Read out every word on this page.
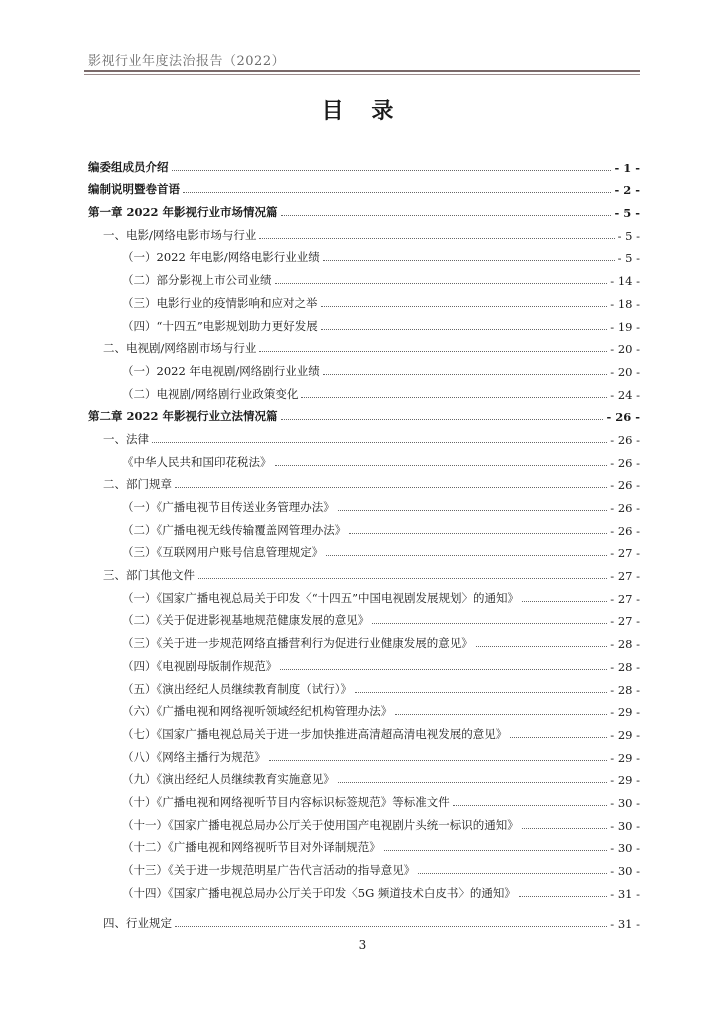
影视行业年度法治报告（2022）
目 录
编委组成员介绍	- 1 -
编制说明暨卷首语	- 2 -
第一章 2022 年影视行业市场情况篇	- 5 -
一、电影/网络电影市场与行业	- 5 -
（一）2022 年电影/网络电影行业业绩	- 5 -
（二）部分影视上市公司业绩	- 14 -
（三）电影行业的疫情影响和应对之举	- 18 -
（四）“十四五”电影规划助力更好发展	- 19 -
二、电视剧/网络剧市场与行业	- 20 -
（一）2022 年电视剧/网络剧行业业绩	- 20 -
（二）电视剧/网络剧行业政策变化	- 24 -
第二章 2022 年影视行业立法情况篇	- 26 -
一、法律	- 26 -
《中华人民共和国印花税法》	- 26 -
二、部门规章	- 26 -
（一）《广播电视节目传送业务管理办法》	- 26 -
（二）《广播电视无线传输覆盖网管理办法》	- 26 -
（三）《互联网用户账号信息管理规定》	- 27 -
三、部门其他文件	- 27 -
（一）《国家广播电视总局关于印发〈“十四五”中国电视剧发展规划〉的通知》	- 27 -
（二）《关于促进影视基地规范健康发展的意见》	- 27 -
（三）《关于进一步规范网络直播营利行为促进行业健康发展的意见》	- 28 -
（四）《电视剧母版制作规范》	- 28 -
（五）《演出经纪人员继续教育制度（试行）》	- 28 -
（六）《广播电视和网络视听领域经纪机构管理办法》	- 29 -
（七）《国家广播电视总局关于进一步加快推进高清超高清电视发展的意见》	- 29 -
（八）《网络主播行为规范》	- 29 -
（九）《演出经纪人员继续教育实施意见》	- 29 -
（十）《广播电视和网络视听节目内容标识标签规范》等标准文件	- 30 -
（十一）《国家广播电视总局办公厅关于使用国产电视剧片头统一标识的通知》	- 30 -
（十二）《广播电视和网络视听节目对外译制规范》	- 30 -
（十三）《关于进一步规范明星广告代言活动的指导意见》	- 30 -
（十四）《国家广播电视总局办公厅关于印发〈5G 频道技术白皮书〉的通知》	- 31 -
四、行业规定	- 31 -
3
